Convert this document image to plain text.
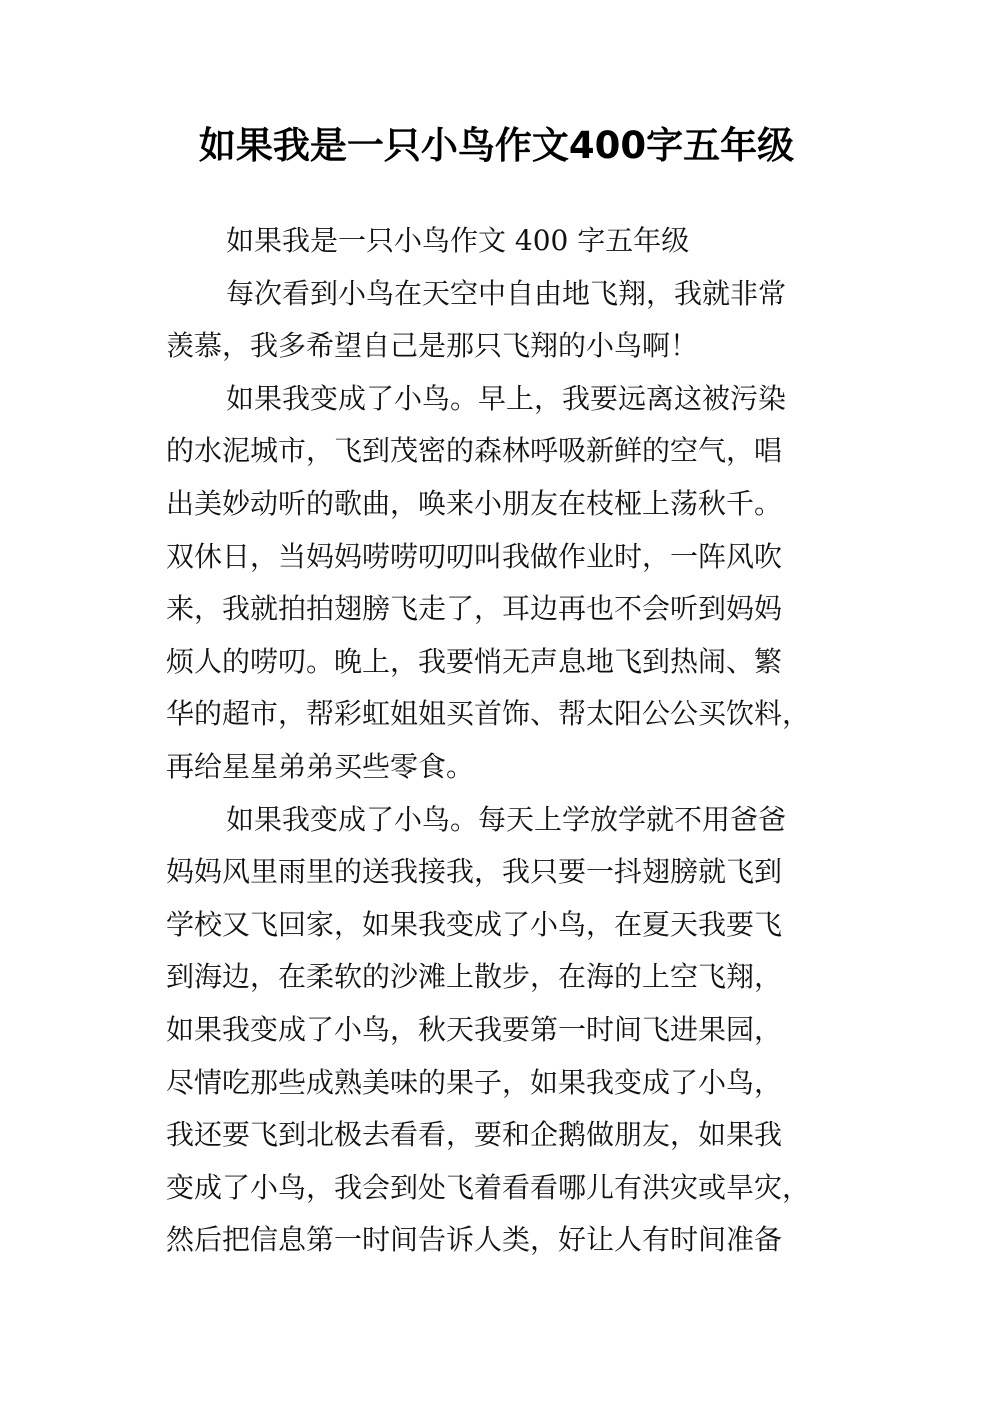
如果我是一只小鸟作文400字五年级
如果我是一只小鸟作文 400 字五年级
每次看到小鸟在天空中自由地飞翔，我就非常
羡慕，我多希望自己是那只飞翔的小鸟啊！
如果我变成了小鸟。早上，我要远离这被污染
的水泥城市，飞到茂密的森林呼吸新鲜的空气，唱
出美妙动听的歌曲，唤来小朋友在枝桠上荡秋千。
双休日，当妈妈唠唠叨叨叫我做作业时，一阵风吹
来，我就拍拍翅膀飞走了，耳边再也不会听到妈妈
烦人的唠叨。晚上，我要悄无声息地飞到热闹、繁
华的超市，帮彩虹姐姐买首饰、帮太阳公公买饮料，
再给星星弟弟买些零食。
如果我变成了小鸟。每天上学放学就不用爸爸
妈妈风里雨里的送我接我，我只要一抖翅膀就飞到
学校又飞回家，如果我变成了小鸟，在夏天我要飞
到海边，在柔软的沙滩上散步，在海的上空飞翔，
如果我变成了小鸟，秋天我要第一时间飞进果园，
尽情吃那些成熟美味的果子，如果我变成了小鸟，
我还要飞到北极去看看，要和企鹅做朋友，如果我
变成了小鸟，我会到处飞着看看哪儿有洪灾或旱灾，
然后把信息第一时间告诉人类，好让人有时间准备
